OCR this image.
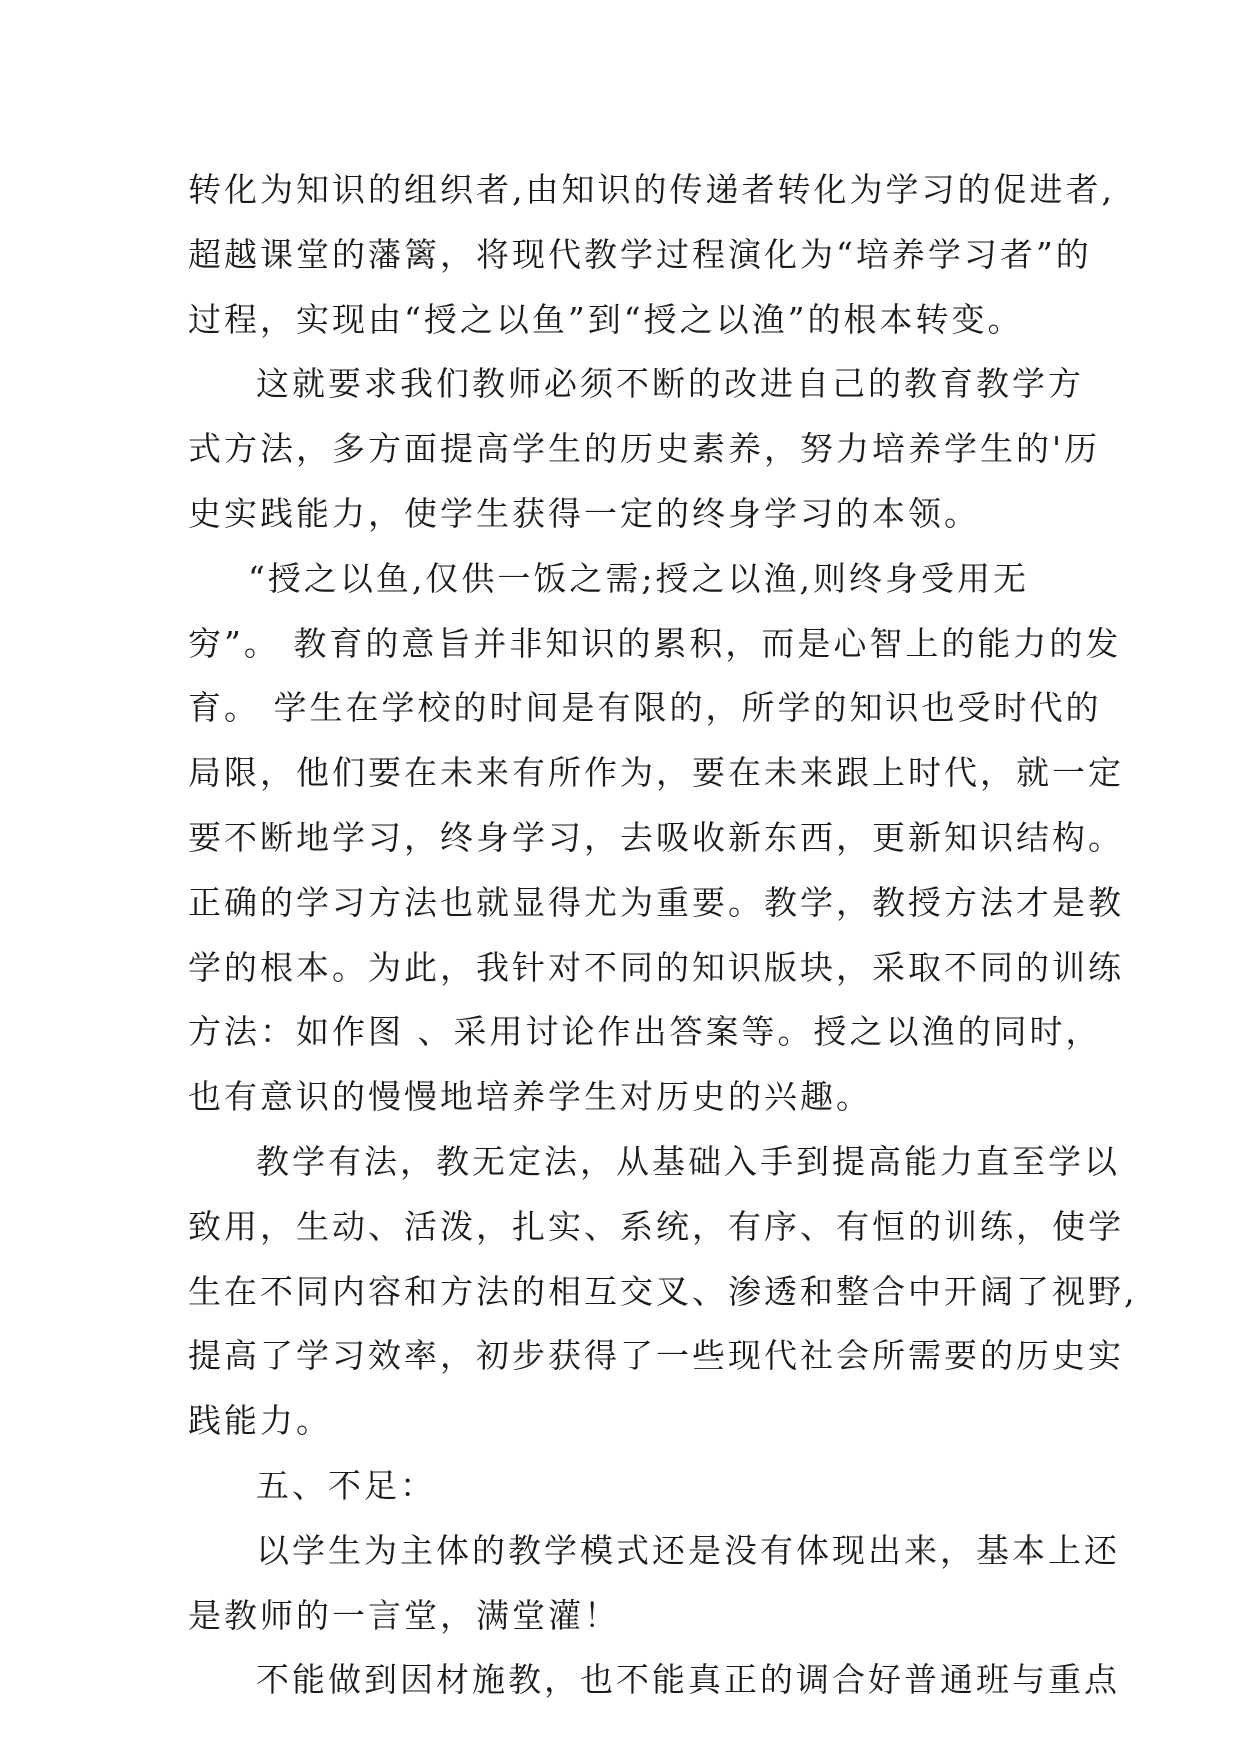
转化为知识的组织者,由知识的传递者转化为学习的促进者,
超越课堂的藩篱，将现代教学过程演化为“培养学习者”的
过程，实现由“授之以鱼”到“授之以渔”的根本转变。
这就要求我们教师必须不断的改进自己的教育教学方
式方法，多方面提高学生的历史素养，努力培养学生的'历
史实践能力，使学生获得一定的终身学习的本领。
“授之以鱼,仅供一饭之需;授之以渔,则终身受用无
穷”。 教育的意旨并非知识的累积，而是心智上的能力的发
育。 学生在学校的时间是有限的，所学的知识也受时代的
局限，他们要在未来有所作为，要在未来跟上时代，就一定
要不断地学习，终身学习，去吸收新东西，更新知识结构。
正确的学习方法也就显得尤为重要。教学，教授方法才是教
学的根本。为此，我针对不同的知识版块，采取不同的训练
方法：如作图 、采用讨论作出答案等。授之以渔的同时，
也有意识的慢慢地培养学生对历史的兴趣。
教学有法，教无定法，从基础入手到提高能力直至学以
致用，生动、活泼，扎实、系统，有序、有恒的训练，使学
生在不同内容和方法的相互交叉、渗透和整合中开阔了视野,
提高了学习效率，初步获得了一些现代社会所需要的历史实
践能力。
五、不足：
以学生为主体的教学模式还是没有体现出来，基本上还
是教师的一言堂，满堂灌！
不能做到因材施教，也不能真正的调合好普通班与重点
